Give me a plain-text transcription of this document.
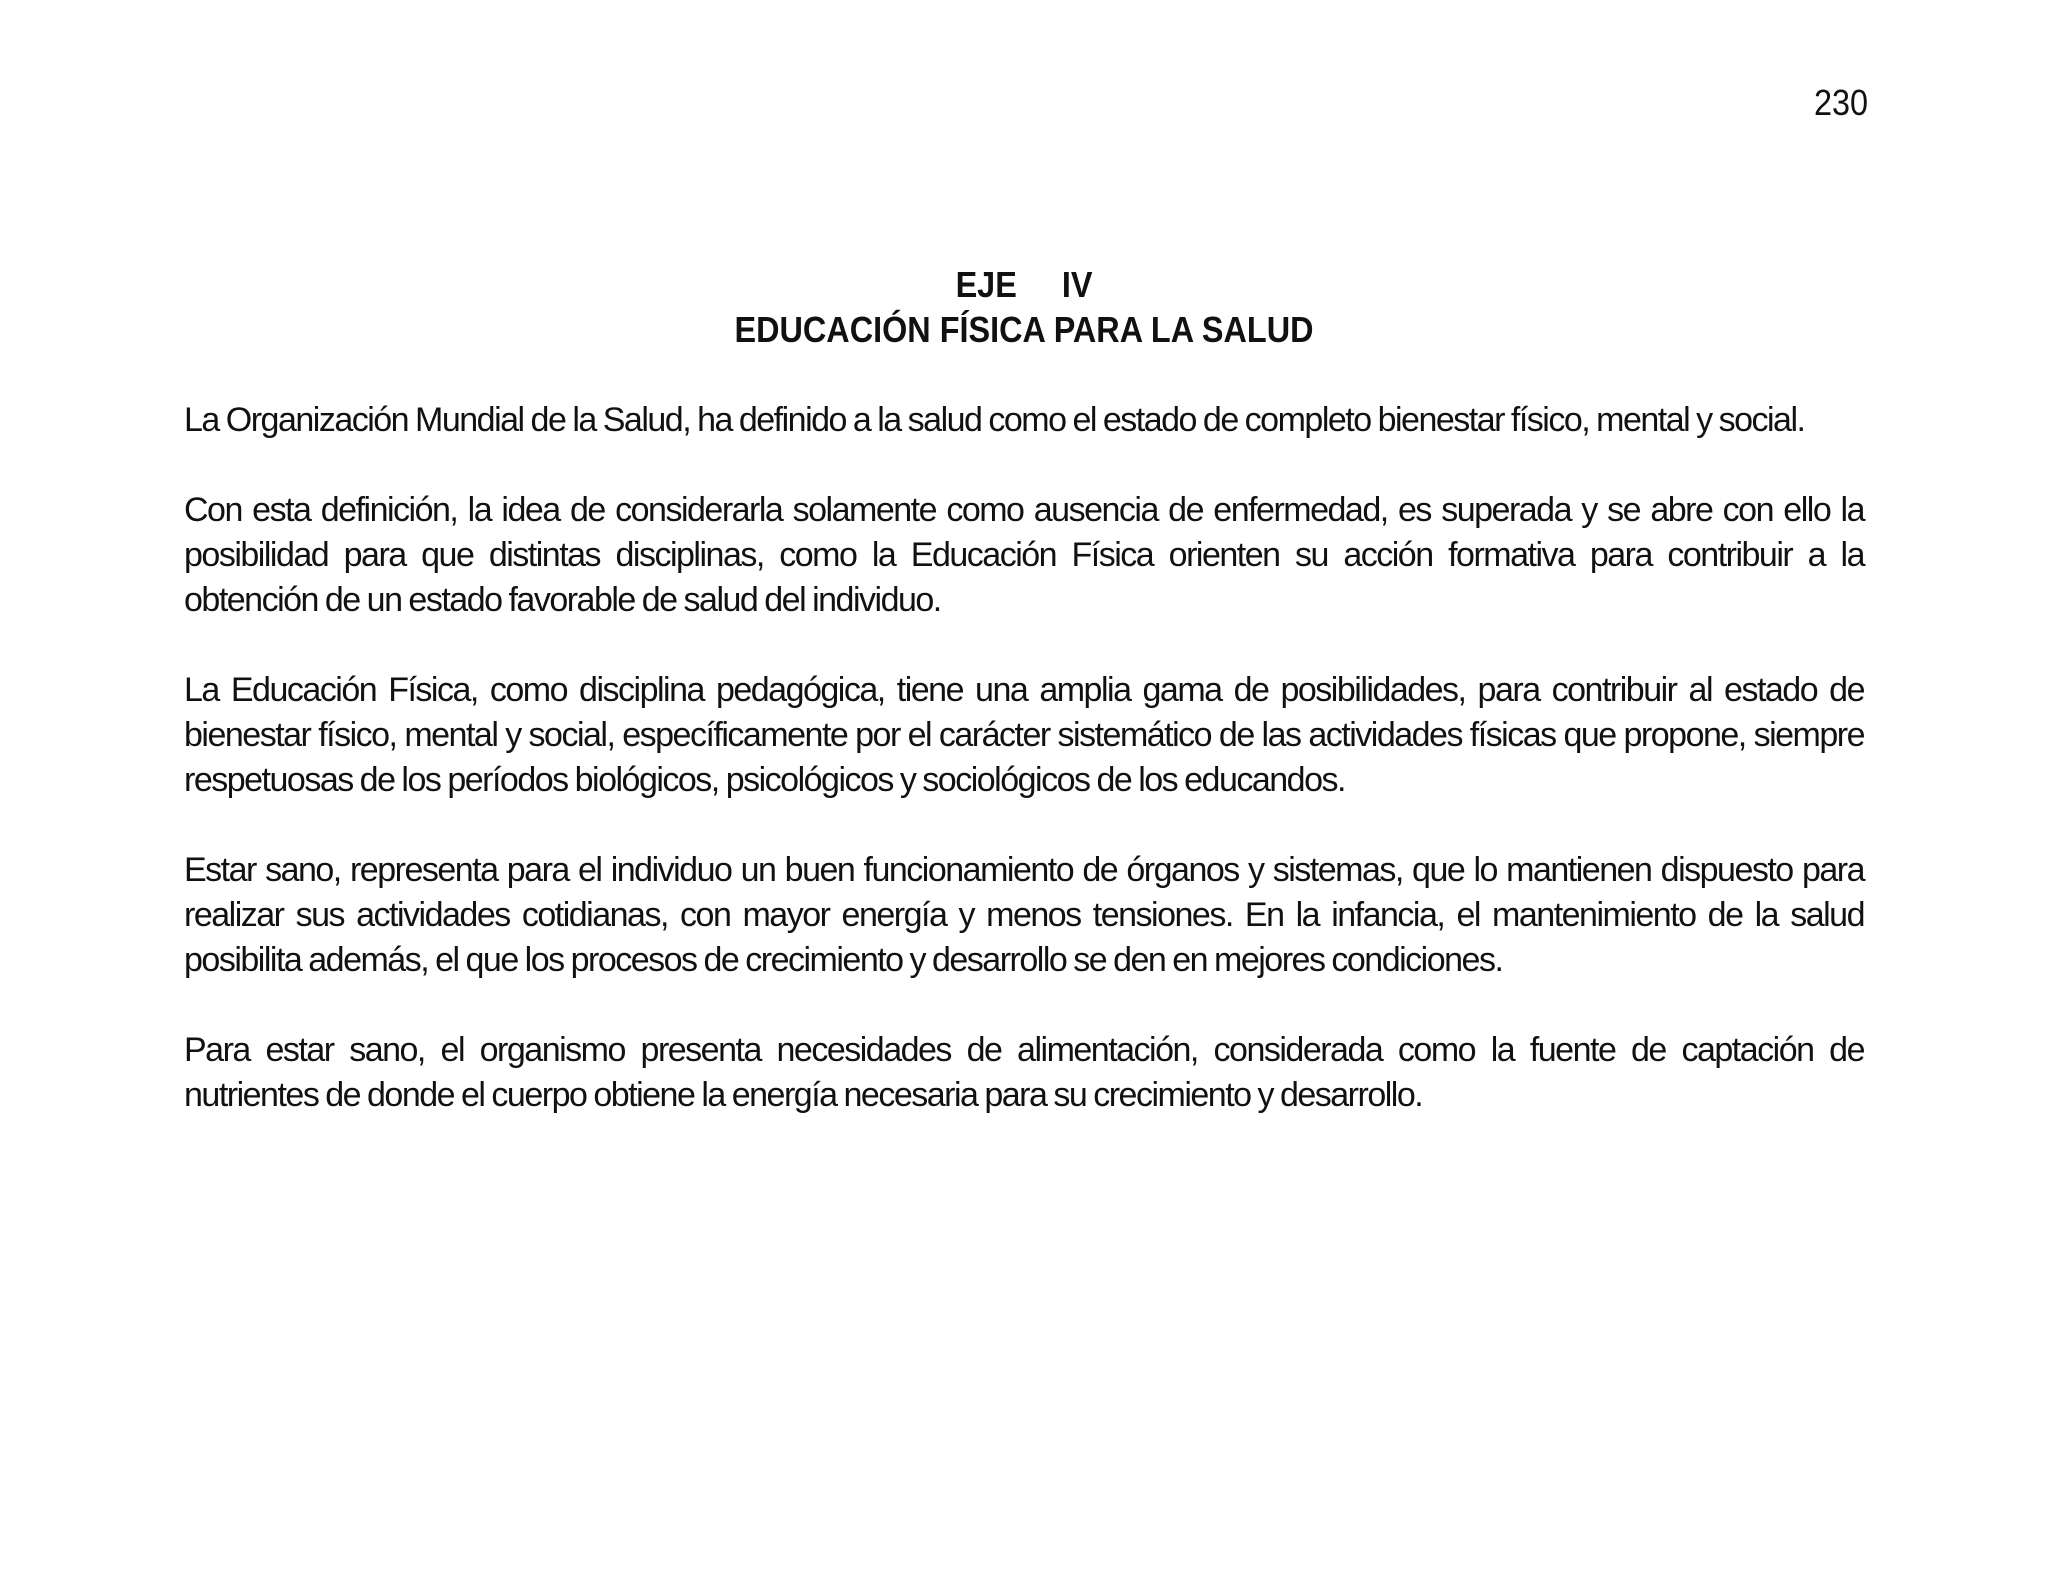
230
EJE IV
EDUCACIÓN FÍSICA PARA LA SALUD

La Organización Mundial de la Salud, ha definido a la salud como el estado de completo bienestar físico, mental y social.

Con esta definición, la idea de considerarla solamente como ausencia de enfermedad, es superada y se abre con ello la posibilidad para que distintas disciplinas, como la Educación Física orienten su acción formativa para contribuir a la obtención de un estado favorable de salud del individuo.

La Educación Física, como disciplina pedagógica, tiene una amplia gama de posibilidades, para contribuir al estado de bienestar físico, mental y social, específicamente por el carácter sistemático de las actividades físicas que propone, siempre respetuosas de los períodos biológicos, psicológicos y sociológicos de los educandos.

Estar sano, representa para el individuo un buen funcionamiento de órganos y sistemas, que lo mantienen dispuesto para realizar sus actividades cotidianas, con mayor energía y menos tensiones. En la infancia, el mantenimiento de la salud posibilita además, el que los procesos de crecimiento y desarrollo se den en mejores condiciones.

Para estar sano, el organismo presenta necesidades de alimentación, considerada como la fuente de captación de nutrientes de donde el cuerpo obtiene la energía necesaria para su crecimiento y desarrollo.
